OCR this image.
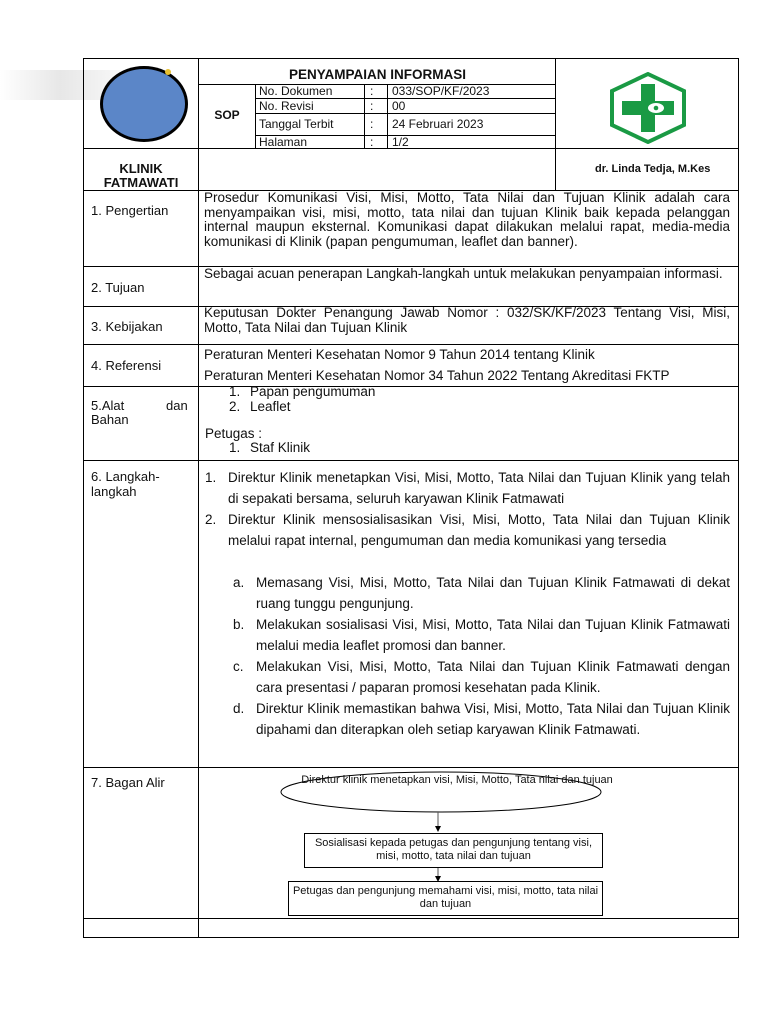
PENYAMPAIAN INFORMASI
SOP
No. Dokumen	: 033/SOP/KF/2023
No. Revisi	: 00
Tanggal Terbit	: 24 Februari 2023
Halaman	: 1/2
KLINIK FATMAWATI
dr. Linda Tedja, M.Kes
1. Pengertian
Prosedur Komunikasi Visi, Misi, Motto, Tata Nilai dan Tujuan Klinik adalah cara menyampaikan visi, misi, motto, tata nilai dan tujuan Klinik baik kepada pelanggan internal maupun eksternal. Komunikasi dapat dilakukan melalui rapat, media-media komunikasi di Klinik (papan pengumuman, leaflet dan banner).
2. Tujuan
Sebagai acuan penerapan Langkah-langkah untuk melakukan penyampaian informasi.
3. Kebijakan
Keputusan Dokter Penangung Jawab Nomor : 032/SK/KF/2023 Tentang Visi, Misi, Motto, Tata Nilai dan Tujuan Klinik
4. Referensi
Peraturan Menteri Kesehatan Nomor 9 Tahun 2014 tentang Klinik
Peraturan Menteri Kesehatan Nomor 34 Tahun 2022 Tentang Akreditasi FKTP
5.Alat	dan
Bahan
1. Papan pengumuman
2. Leaflet
Petugas :
1. Staf Klinik
6. Langkah-langkah
1. Direktur Klinik menetapkan Visi, Misi, Motto, Tata Nilai dan Tujuan Klinik yang telah di sepakati bersama, seluruh karyawan Klinik Fatmawati
2. Direktur Klinik mensosialisasikan Visi, Misi, Motto, Tata Nilai dan Tujuan Klinik melalui rapat internal, pengumuman dan media komunikasi yang tersedia
a. Memasang Visi, Misi, Motto, Tata Nilai dan Tujuan Klinik Fatmawati di dekat ruang tunggu pengunjung.
b. Melakukan sosialisasi Visi, Misi, Motto, Tata Nilai dan Tujuan Klinik Fatmawati melalui media leaflet promosi dan banner.
c. Melakukan Visi, Misi, Motto, Tata Nilai dan Tujuan Klinik Fatmawati dengan cara presentasi / paparan promosi kesehatan pada Klinik.
d. Direktur Klinik memastikan bahwa Visi, Misi, Motto, Tata Nilai dan Tujuan Klinik dipahami dan diterapkan oleh setiap karyawan Klinik Fatmawati.
7. Bagan Alir	Direktur klinik menetapkan visi, Misi, Motto, Tata nilai dan tujuan
Sosialisasi kepada petugas dan pengunjung tentang visi, misi, motto, tata nilai dan tujuan
Petugas dan pengunjung memahami visi, misi, motto, tata nilai dan tujuan
